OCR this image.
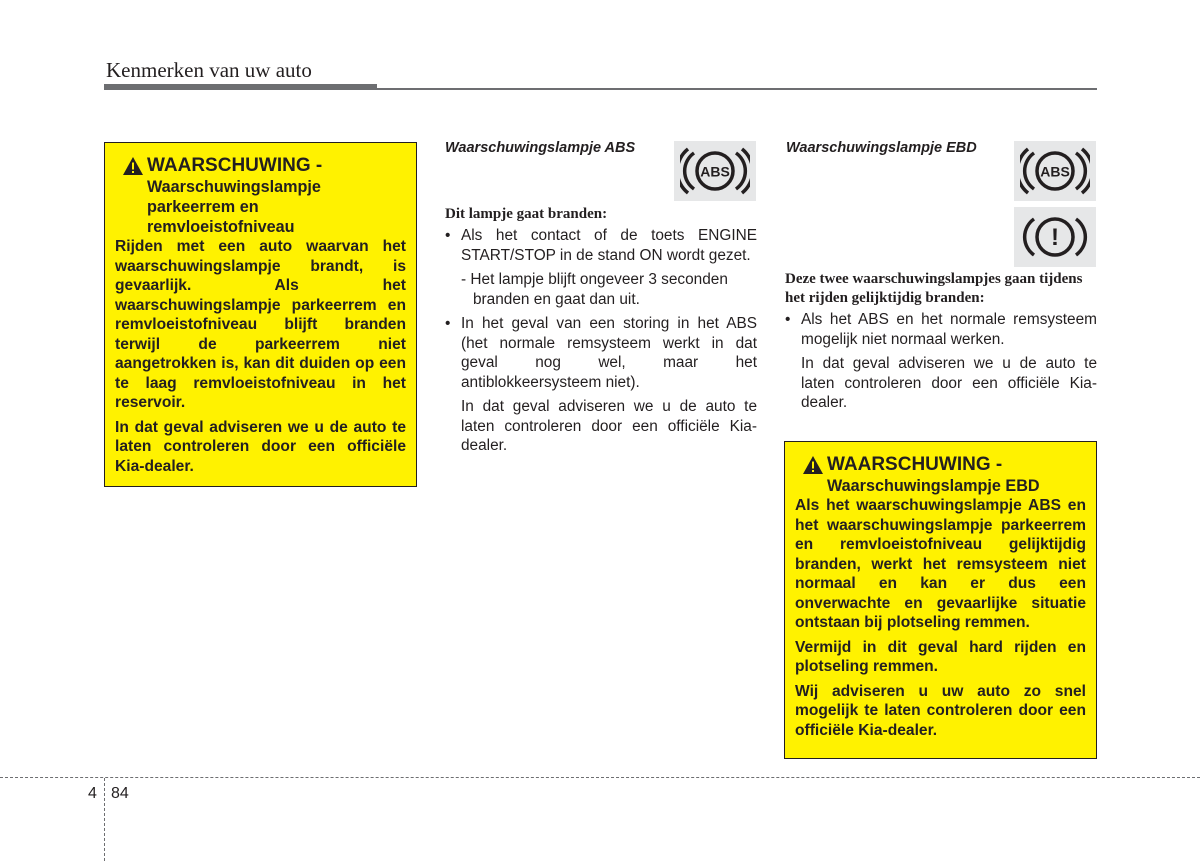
Kenmerken van uw auto
WAARSCHUWING -
Waarschuwingslampje parkeerrem en remvloeistofniveau

Rijden met een auto waarvan het waarschuwingslampje brandt, is gevaarlijk. Als het waarschuwingslampje parkeerrem en remvloeistofniveau blijft branden terwijl de parkeerrem niet aangetrokken is, kan dit duiden op een te laag remvloeistofniveau in het reservoir.

In dat geval adviseren we u de auto te laten controleren door een officiële Kia-dealer.

Waarschuwingslampje ABS
ABS
Dit lampje gaat branden:
• Als het contact of de toets ENGINE START/STOP in de stand ON wordt gezet.
- Het lampje blijft ongeveer 3 seconden branden en gaat dan uit.
• In het geval van een storing in het ABS (het normale remsysteem werkt in dat geval nog wel, maar het antiblokkeersysteem niet).
In dat geval adviseren we u de auto te laten controleren door een officiële Kia-dealer.
Waarschuwingslampje EBD
ABS
!
Deze twee waarschuwingslampjes gaan tijdens het rijden gelijktijdig branden:
• Als het ABS en het normale remsysteem mogelijk niet normaal werken.
In dat geval adviseren we u de auto te laten controleren door een officiële Kia-dealer.
WAARSCHUWING -
Waarschuwingslampje EBD

Als het waarschuwingslampje ABS en het waarschuwingslampje parkeerrem en remvloeistofniveau gelijktijdig branden, werkt het remsysteem niet normaal en kan er dus een onverwachte en gevaarlijke situatie ontstaan bij plotseling remmen.

Vermijd in dit geval hard rijden en plotseling remmen.

Wij adviseren u uw auto zo snel mogelijk te laten controleren door een officiële Kia-dealer.

4 84
